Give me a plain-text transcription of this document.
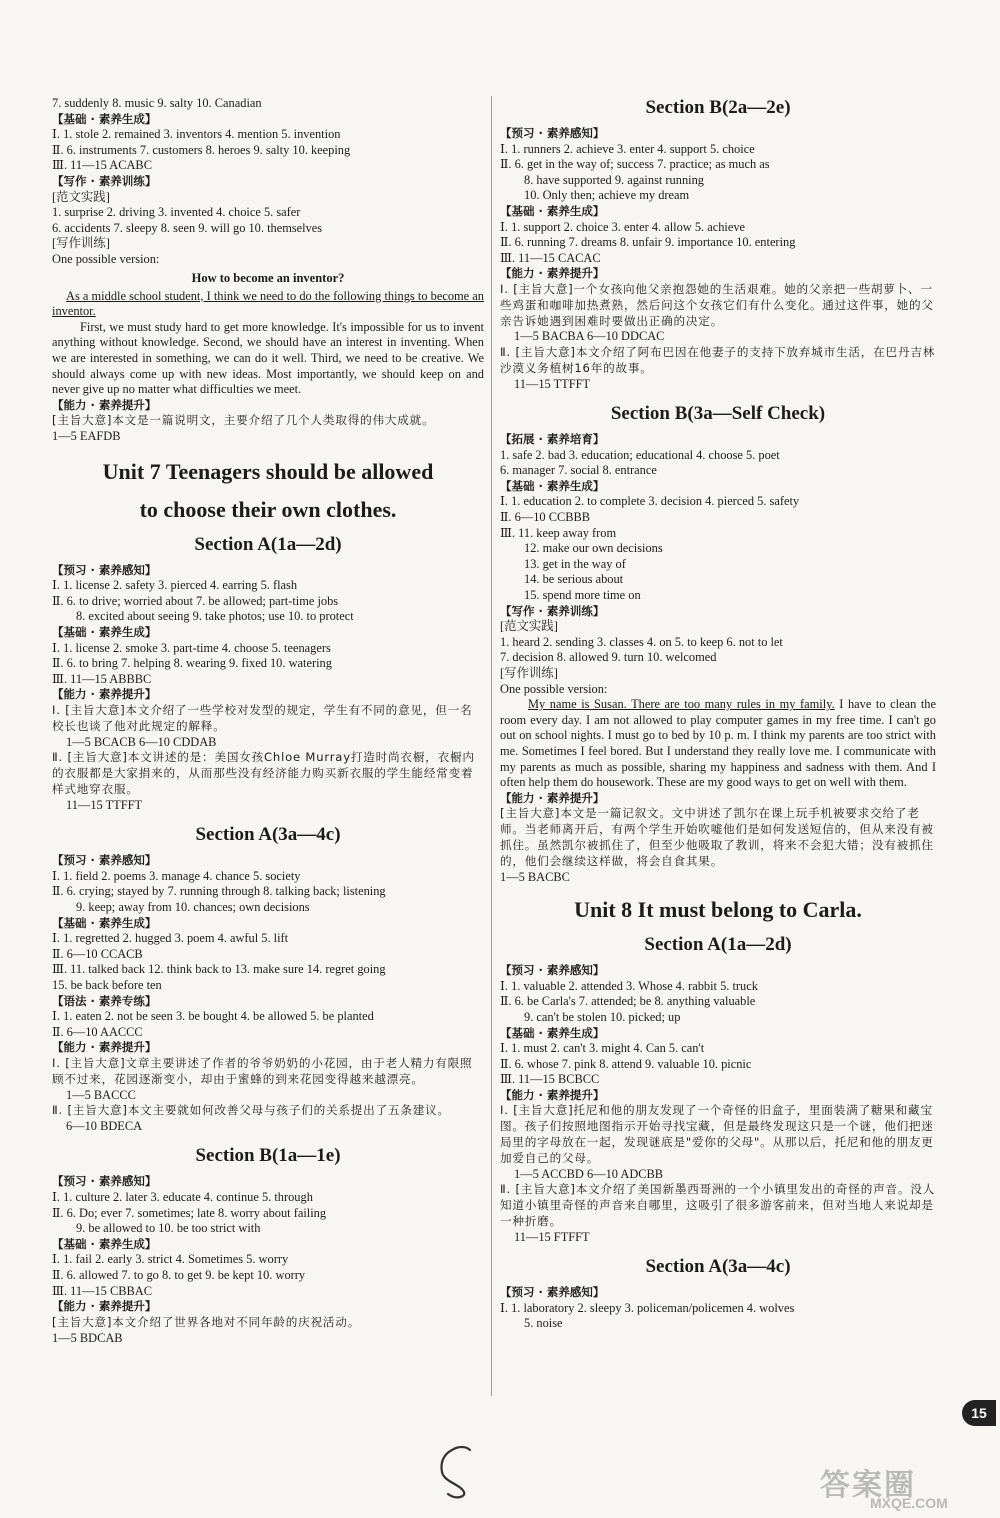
7. suddenly 8. music 9. salty 10. Canadian
【基础 · 素养生成】
Ⅰ. 1. stole 2. remained 3. inventors 4. mention 5. invention
Ⅱ. 6. instruments 7. customers 8. heroes 9. salty 10. keeping
Ⅲ. 11—15 ACABC
【写作 · 素养训练】
[范文实践]
1. surprise 2. driving 3. invented 4. choice 5. safer
6. accidents 7. sleepy 8. seen 9. will go 10. themselves
[写作训练]
One possible version:
How to become an inventor?
As a middle school student, I think we need to do the following things to become an inventor.
First, we must study hard to get more knowledge. It's impossible for us to invent anything without knowledge. Second, we should have an interest in inventing. When we are interested in something, we can do it well. Third, we need to be creative. We should always come up with new ideas. Most importantly, we should keep on and never give up no matter what difficulties we meet.
【能力 · 素养提升】
[主旨大意]本文是一篇说明文，主要介绍了几个人类取得的伟大成就。
1—5 EAFDB
Unit 7 Teenagers should be allowed
to choose their own clothes.
Section A(1a—2d)
【预习 · 素养感知】
Ⅰ. 1. license 2. safety 3. pierced 4. earring 5. flash
Ⅱ. 6. to drive; worried about 7. be allowed; part-time jobs
8. excited about seeing 9. take photos; use 10. to protect
【基础 · 素养生成】
Ⅰ. 1. license 2. smoke 3. part-time 4. choose 5. teenagers
Ⅱ. 6. to bring 7. helping 8. wearing 9. fixed 10. watering
Ⅲ. 11—15 ABBBC
【能力 · 素养提升】
Ⅰ. [主旨大意]本文介绍了一些学校对发型的规定，学生有不同的意见，但一名校长也谈了他对此规定的解释。
1—5 BCACB 6—10 CDDAB
Ⅱ. [主旨大意]本文讲述的是：美国女孩Chloe Murray打造时尚衣橱，衣橱内的衣服都是大家捐来的，从而那些没有经济能力购买新衣服的学生能经常变着样式地穿衣服。
11—15 TTFFT
Section A(3a—4c)
【预习 · 素养感知】
Ⅰ. 1. field 2. poems 3. manage 4. chance 5. society
Ⅱ. 6. crying; stayed by 7. running through 8. talking back; listening
9. keep; away from 10. chances; own decisions
【基础 · 素养生成】
Ⅰ. 1. regretted 2. hugged 3. poem 4. awful 5. lift
Ⅱ. 6—10 CCACB
Ⅲ. 11. talked back 12. think back to 13. make sure 14. regret going
15. be back before ten
【语法 · 素养专练】
Ⅰ. 1. eaten 2. not be seen 3. be bought 4. be allowed 5. be planted
Ⅱ. 6—10 AACCC
【能力 · 素养提升】
Ⅰ. [主旨大意]文章主要讲述了作者的爷爷奶奶的小花园，由于老人精力有限照顾不过来，花园逐渐变小，却由于蜜蜂的到来花园变得越来越漂亮。
1—5 BACCC
Ⅱ. [主旨大意]本文主要就如何改善父母与孩子们的关系提出了五条建议。
6—10 BDECA
Section B(1a—1e)
【预习 · 素养感知】
Ⅰ. 1. culture 2. later 3. educate 4. continue 5. through
Ⅱ. 6. Do; ever 7. sometimes; late 8. worry about failing
9. be allowed to 10. be too strict with
【基础 · 素养生成】
Ⅰ. 1. fail 2. early 3. strict 4. Sometimes 5. worry
Ⅱ. 6. allowed 7. to go 8. to get 9. be kept 10. worry
Ⅲ. 11—15 CBBAC
【能力 · 素养提升】
[主旨大意]本文介绍了世界各地对不同年龄的庆祝活动。
1—5 BDCAB
Section B(2a—2e)
【预习 · 素养感知】
Ⅰ. 1. runners 2. achieve 3. enter 4. support 5. choice
Ⅱ. 6. get in the way of; success 7. practice; as much as
8. have supported 9. against running
10. Only then; achieve my dream
【基础 · 素养生成】
Ⅰ. 1. support 2. choice 3. enter 4. allow 5. achieve
Ⅱ. 6. running 7. dreams 8. unfair 9. importance 10. entering
Ⅲ. 11—15 CACAC
【能力 · 素养提升】
Ⅰ. [主旨大意]一个女孩向他父亲抱怨她的生活艰难。她的父亲把一些胡萝卜、一些鸡蛋和咖啡加热煮熟，然后问这个女孩它们有什么变化。通过这件事，她的父亲告诉她遇到困难时要做出正确的决定。
1—5 BACBA 6—10 DDCAC
Ⅱ. [主旨大意]本文介绍了阿布巴因在他妻子的支持下放弃城市生活，在巴丹吉林沙漠义务植树16年的故事。
11—15 TTFFT
Section B(3a—Self Check)
【拓展 · 素养培育】
1. safe 2. bad 3. education; educational 4. choose 5. poet
6. manager 7. social 8. entrance
【基础 · 素养生成】
Ⅰ. 1. education 2. to complete 3. decision 4. pierced 5. safety
Ⅱ. 6—10 CCBBB
Ⅲ. 11. keep away from
12. make our own decisions
13. get in the way of
14. be serious about
15. spend more time on
【写作 · 素养训练】
[范文实践]
1. heard 2. sending 3. classes 4. on 5. to keep 6. not to let
7. decision 8. allowed 9. turn 10. welcomed
[写作训练]
One possible version:
My name is Susan. There are too many rules in my family. I have to clean the room every day. I am not allowed to play computer games in my free time. I can't go out on school nights. I must go to bed by 10 p. m. I think my parents are too strict with me. Sometimes I feel bored. But I understand they really love me. I communicate with my parents as much as possible, sharing my happiness and sadness with them. And I often help them do housework. These are my good ways to get on well with them.
【能力 · 素养提升】
[主旨大意]本文是一篇记叙文。文中讲述了凯尔在课上玩手机被要求交给了老师。当老师离开后，有两个学生开始吹嘘他们是如何发送短信的，但从来没有被抓住。虽然凯尔被抓住了，但至少他吸取了教训，将来不会犯大错；没有被抓住的，他们会继续这样做，将会自食其果。
1—5 BACBC
Unit 8 It must belong to Carla.
Section A(1a—2d)
【预习 · 素养感知】
Ⅰ. 1. valuable 2. attended 3. Whose 4. rabbit 5. truck
Ⅱ. 6. be Carla's 7. attended; be 8. anything valuable
9. can't be stolen 10. picked; up
【基础 · 素养生成】
Ⅰ. 1. must 2. can't 3. might 4. Can 5. can't
Ⅱ. 6. whose 7. pink 8. attend 9. valuable 10. picnic
Ⅲ. 11—15 BCBCC
【能力 · 素养提升】
Ⅰ. [主旨大意]托尼和他的朋友发现了一个奇怪的旧盒子，里面装满了糖果和藏宝图。孩子们按照地图指示开始寻找宝藏，但是最终发现这只是一个谜，他们把迷局里的字母放在一起，发现谜底是"爱你的父母"。从那以后，托尼和他的朋友更加爱自己的父母。
1—5 ACCBD 6—10 ADCBB
Ⅱ. [主旨大意]本文介绍了美国新墨西哥洲的一个小镇里发出的奇怪的声音。没人知道小镇里奇怪的声音来自哪里，这吸引了很多游客前来，但对当地人来说却是一种折磨。
11—15 FTFFT
Section A(3a—4c)
【预习 · 素养感知】
Ⅰ. 1. laboratory 2. sleepy 3. policeman/policemen 4. wolves
5. noise
15
答案圈
MXQE.COM
